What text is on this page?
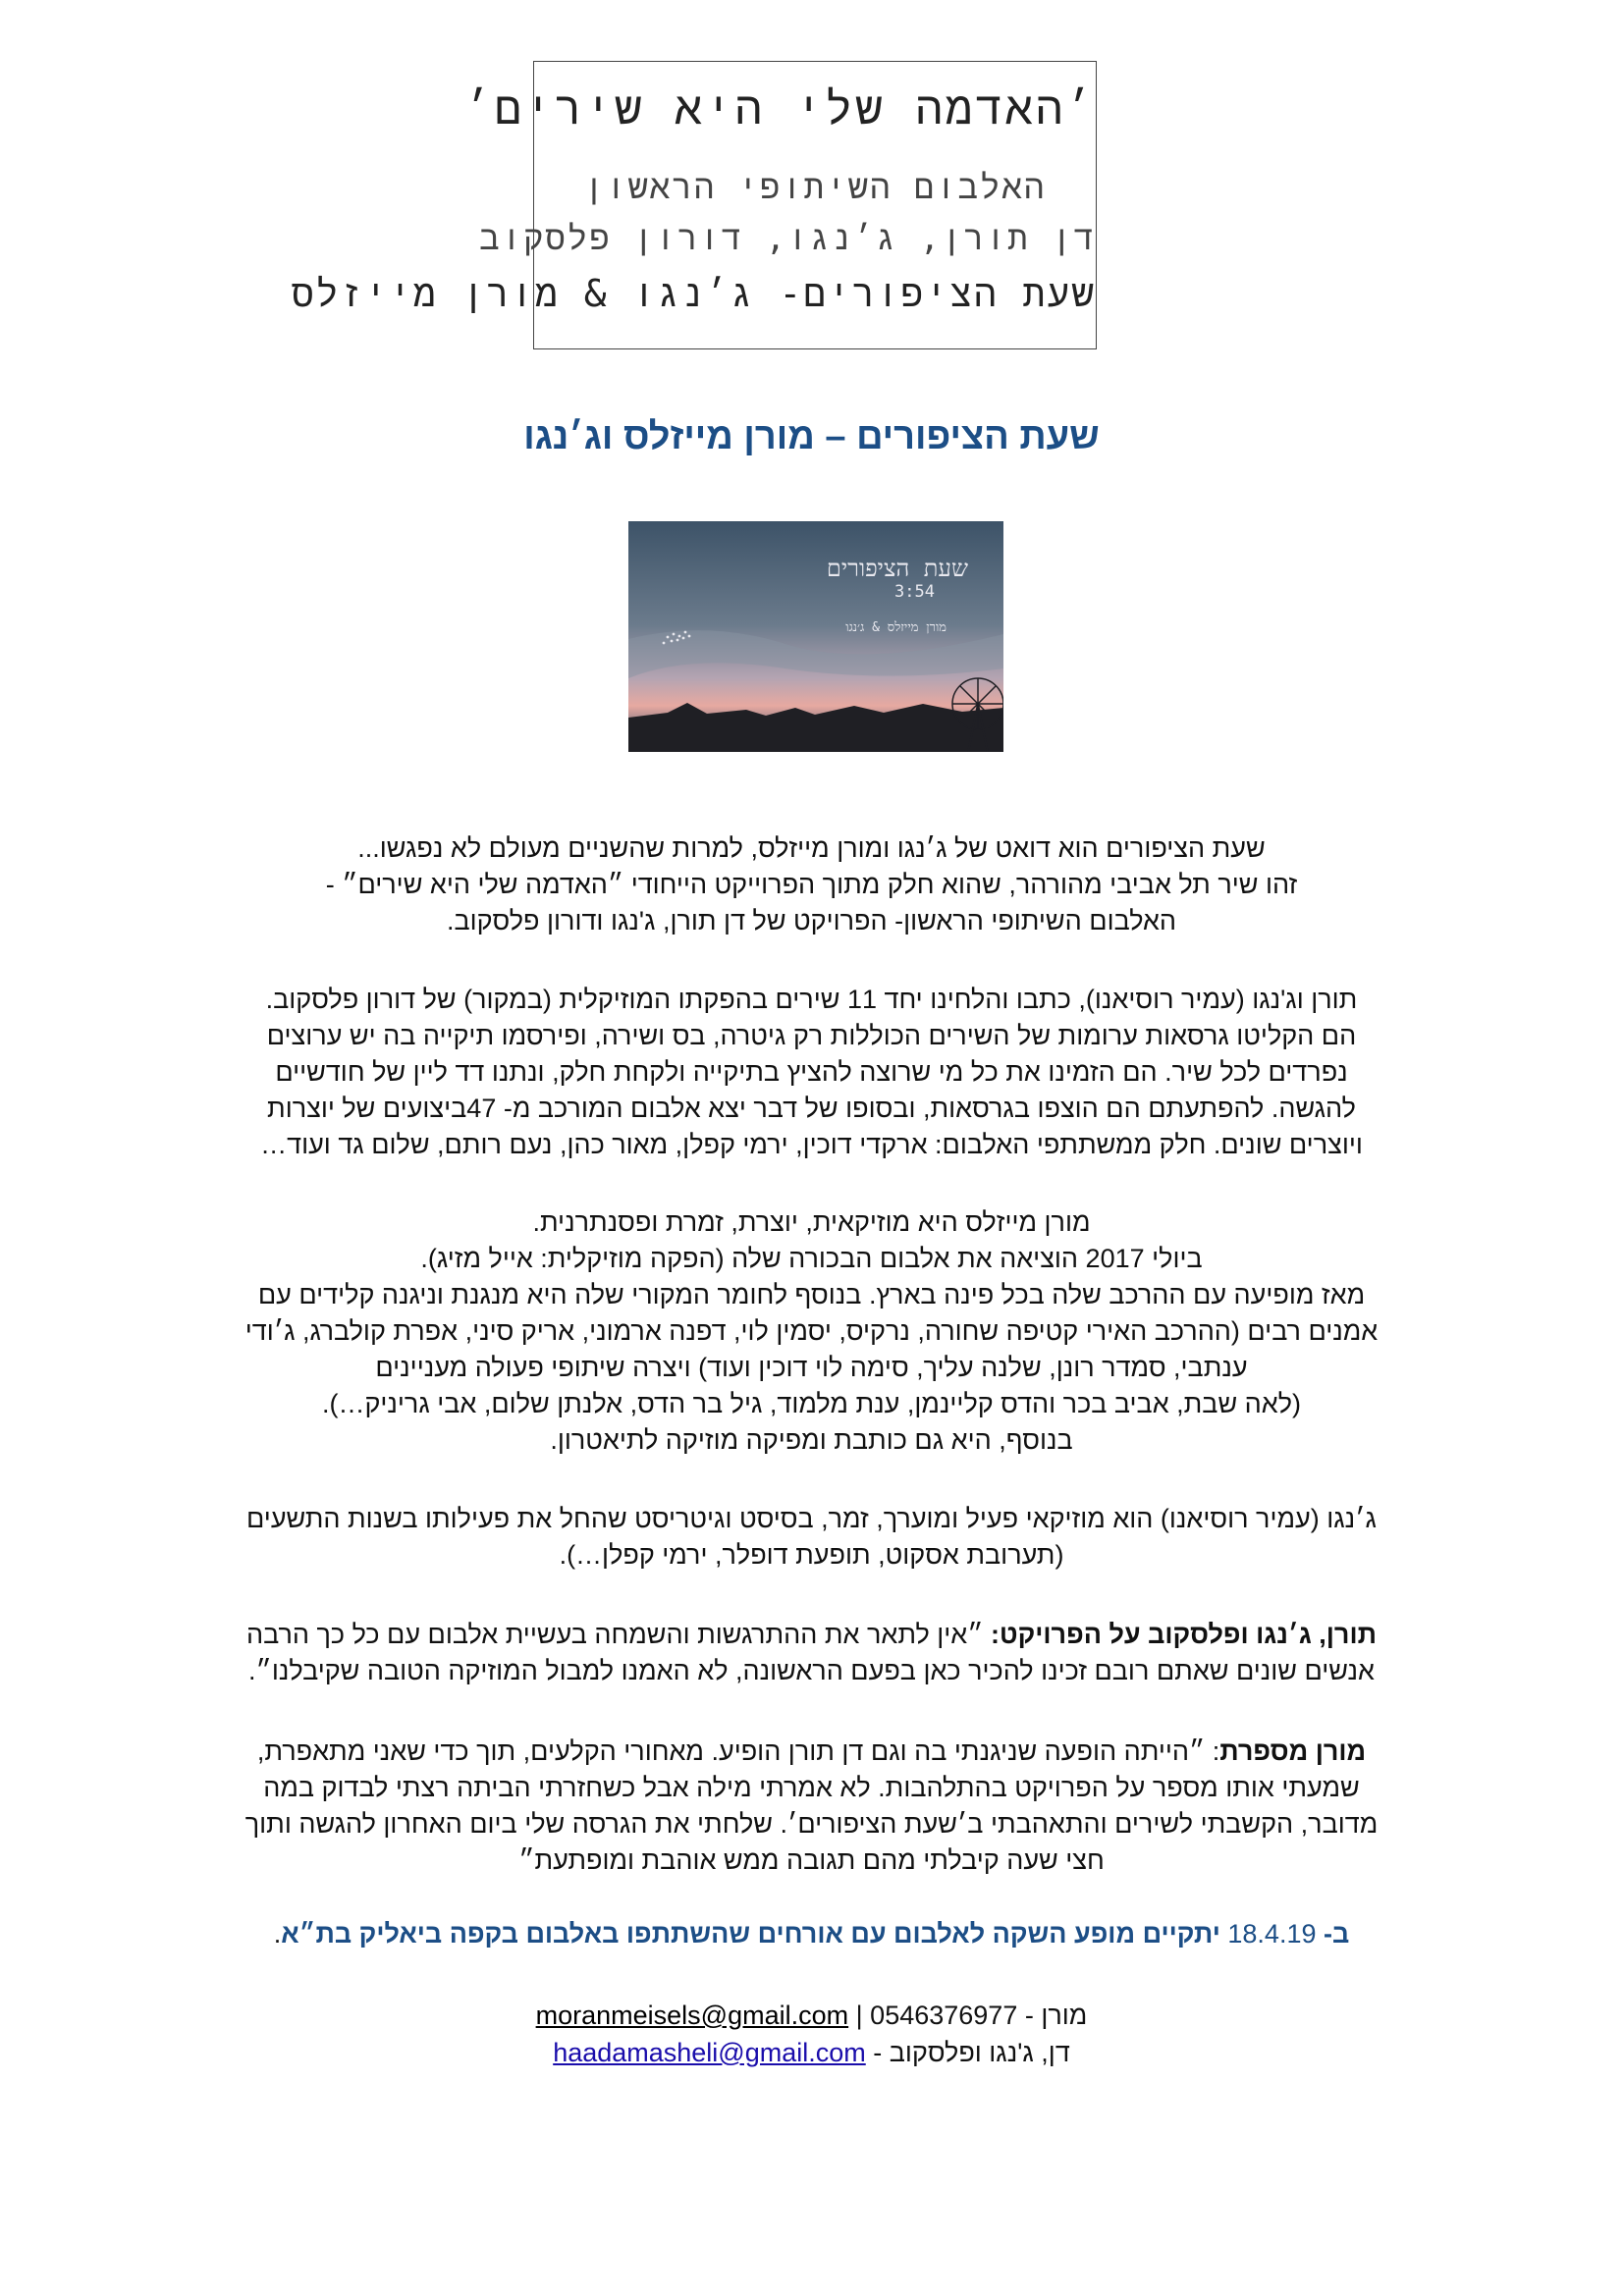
׳האדמה שלי היא שירים׳
האלבום השיתופי הראשון
דן תורן, ג׳נגו, דורון פלסקוב
שעת הציפורים- ג׳נגו & מורן מייזלס
שעת הציפורים – מורן מייזלס וג׳נגו
שעת הציפורים
3:54
מורן מייזלס & ג׳נגו

שעת הציפורים הוא דואט של ג׳נגו ומורן מייזלס, למרות שהשניים מעולם לא נפגשו...

זהו שיר תל אביבי מהורהר, שהוא חלק מתוך הפרוייקט הייחודי ״האדמה שלי היא שירים״ -

האלבום השיתופי הראשון- הפרויקט של דן תורן, ג'נגו ודורון פלסקוב.

תורן וג'נגו (עמיר רוסיאנו), כתבו והלחינו יחד 11 שירים בהפקתו המוזיקלית (במקור) של דורון פלסקוב.

הם הקליטו גרסאות ערומות של השירים הכוללות רק גיטרה, בס ושירה, ופירסמו תיקייה בה יש ערוצים

נפרדים לכל שיר. הם הזמינו את כל מי שרוצה להציץ בתיקייה ולקחת חלק, ונתנו דד ליין של חודשיים

להגשה. להפתעתם הם הוצפו בגרסאות, ובסופו של דבר יצא אלבום המורכב מ- 47ביצועים של יוצרות

ויוצרים שונים. חלק ממשתתפי האלבום: ארקדי דוכין, ירמי קפלן, מאור כהן, נעם רותם, שלום גד ועוד…

מורן מייזלס היא מוזיקאית, יוצרת, זמרת ופסנתרנית.

ביולי 2017 הוציאה את אלבום הבכורה שלה (הפקה מוזיקלית: אייל מזיג).

מאז מופיעה עם ההרכב שלה בכל פינה בארץ. בנוסף לחומר המקורי שלה היא מנגנת וניגנה קלידים עם

אמנים רבים (ההרכב האירי קטיפה שחורה, נרקיס, יסמין לוי, דפנה ארמוני, אריק סיני, אפרת קולברג, ג׳ודי

ענתבי, סמדר רונן, שלנה עליך, סימה לוי דוכין ועוד) ויצרה שיתופי פעולה מעניינים

(לאה שבת, אביב בכר והדס קליינמן, ענת מלמוד, גיל בר הדס, אלנתן שלום, אבי גריניק…).

בנוסף, היא גם כותבת ומפיקה מוזיקה לתיאטרון.

ג׳נגו (עמיר רוסיאנו) הוא מוזיקאי פעיל ומוערך, זמר, בסיסט וגיטריסט שהחל את פעילותו בשנות התשעים

(תערובת אסקוט, תופעת דופלר, ירמי קפלן…).

תורן, ג׳נגו ופלסקוב על הפרויקט: ״אין לתאר את ההתרגשות והשמחה בעשיית אלבום עם כל כך הרבה

אנשים שונים שאתם רובם זכינו להכיר כאן בפעם הראשונה, לא האמנו למבול המוזיקה הטובה שקיבלנו״.

מורן מספרת: ״הייתה הופעה שניגנתי בה וגם דן תורן הופיע. מאחורי הקלעים, תוך כדי שאני מתאפרת,

שמעתי אותו מספר על הפרויקט בהתלהבות. לא אמרתי מילה אבל כשחזרתי הביתה רצתי לבדוק במה

מדובר, הקשבתי לשירים והתאהבתי ב׳שעת הציפורים׳. שלחתי את הגרסה שלי ביום האחרון להגשה ותוך

חצי שעה קיבלתי מהם תגובה ממש אוהבת ומופתעת״

ב- 18.4.19 יתקיים מופע השקה לאלבום עם אורחים שהשתתפו באלבום בקפה ביאליק בת״א.
מורן - 0546376977 | moranmeisels@gmail.com
דן, ג'נגו ופלסקוב - haadamasheli@gmail.com
